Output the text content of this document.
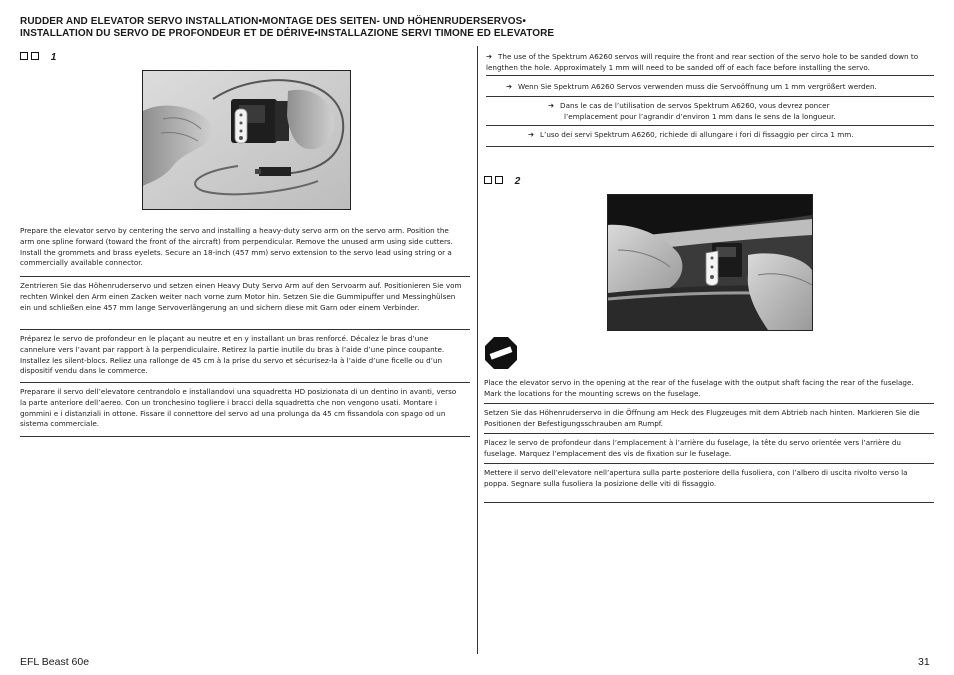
RUDDER AND ELEVATOR SERVO INSTALLATION•MONTAGE DES SEITEN- UND HÖHENRUDERSERVOS•
INSTALLATION DU SERVO DE PROFONDEUR ET DE DÉRIVE•INSTALLAZIONE SERVI TIMONE ED ELEVATORE
1
Prepare the elevator servo by centering the servo and installing a heavy-duty servo arm on the servo arm. Position the arm one spline forward (toward the front of the aircraft) from perpendicular. Remove the unused arm using side cutters. Install the grommets and brass eyelets. Secure an 18-inch (457 mm) servo extension to the servo lead using string or a commercially available connector.
Zentrieren Sie das Höhenruderservo und setzen einen Heavy Duty Servo Arm auf den Servoarm auf. Positionieren Sie vom rechten Winkel den Arm einen Zacken weiter nach vorne zum Motor hin. Setzen Sie die Gummipuffer und Messinghülsen ein und schließen eine 457 mm lange Servoverlängerung an und sichern diese mit Garn oder einem Verbinder.
Préparez le servo de profondeur en le plaçant au neutre et en y installant un bras renforcé. Décalez le bras d’une cannelure vers l’avant par rapport à la perpendiculaire. Retirez la partie inutile du bras à l’aide d’une pince coupante. Installez les silent-blocs. Reliez una rallonge de 45 cm à la prise du servo et sécurisez-la à l’aide d’une ficelle ou d’un dispositif vendu dans le commerce.
Preparare il servo dell’elevatore centrandolo e installandovi una squadretta HD posizionata di un dentino in avanti, verso la parte anteriore dell’aereo. Con un tronchesino togliere i bracci della squadretta che non vengono usati. Montare i gommini e i distanziali in ottone. Fissare il connettore del servo ad una prolunga da 45 cm fissandola con spago od un sistema commerciale.
➔ The use of the Spektrum A6260 servos will require the front and rear section of the servo hole to be sanded down to lengthen the hole. Approximately 1 mm will need to be sanded off of each face before installing the servo.
➔ Wenn Sie Spektrum A6260 Servos verwenden muss die Servoöffnung um 1 mm vergrößert werden.
➔ Dans le cas de l’utilisation de servos Spektrum A6260, vous devrez poncer
l’emplacement pour l’agrandir d’environ 1 mm dans le sens de la longueur.
➔ L’uso dei servi Spektrum A6260, richiede di allungare i fori di fissaggio per circa 1 mm.
2
Place the elevator servo in the opening at the rear of the fuselage with the output shaft facing the rear of the fuselage. Mark the locations for the mounting screws on the fuselage.
Setzen Sie das Höhenruderservo in die Öffnung am Heck des Flugzeuges mit dem Abtrieb nach hinten. Markieren Sie die Positionen der Befestigungsschrauben am Rumpf.
Placez le servo de profondeur dans l’emplacement à l’arrière du fuselage, la tête du servo orientée vers l’arrière du fuselage. Marquez l’emplacement des vis de fixation sur le fuselage.
Mettere il servo dell’elevatore nell’apertura sulla parte posteriore della fusoliera, con l’albero di uscita rivolto verso la poppa. Segnare sulla fusoliera la posizione delle viti di fissaggio.
EFL Beast 60e	31
